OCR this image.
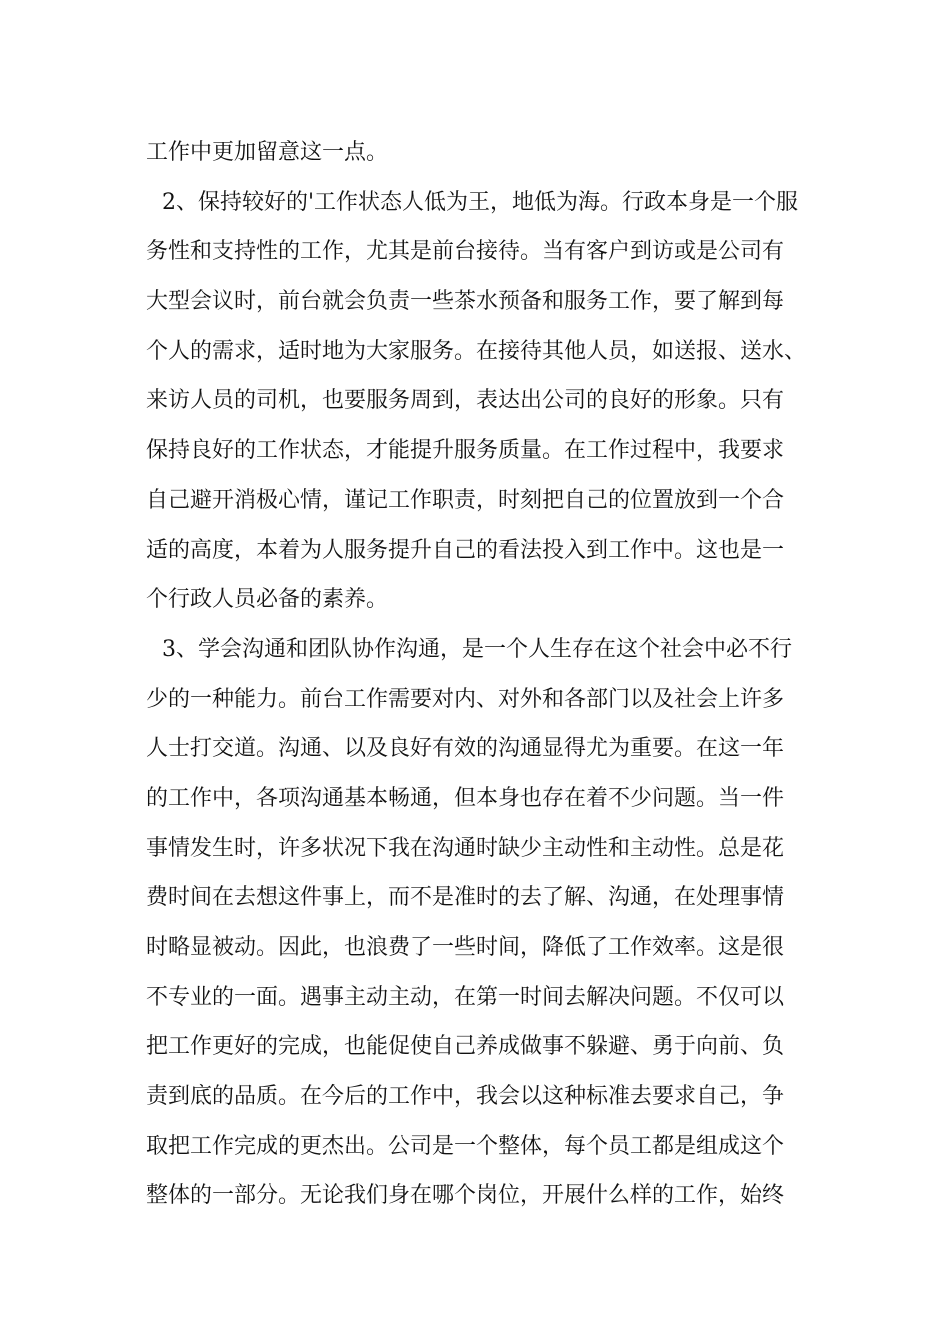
工作中更加留意这一点。
2、保持较好的'工作状态人低为王，地低为海。行政本身是一个服
务性和支持性的工作，尤其是前台接待。当有客户到访或是公司有
大型会议时，前台就会负责一些茶水预备和服务工作，要了解到每
个人的需求，适时地为大家服务。在接待其他人员，如送报、送水、
来访人员的司机，也要服务周到，表达出公司的良好的形象。只有
保持良好的工作状态，才能提升服务质量。在工作过程中，我要求
自己避开消极心情，谨记工作职责，时刻把自己的位置放到一个合
适的高度，本着为人服务提升自己的看法投入到工作中。这也是一
个行政人员必备的素养。
3、学会沟通和团队协作沟通，是一个人生存在这个社会中必不行
少的一种能力。前台工作需要对内、对外和各部门以及社会上许多
人士打交道。沟通、以及良好有效的沟通显得尤为重要。在这一年
的工作中，各项沟通基本畅通，但本身也存在着不少问题。当一件
事情发生时，许多状况下我在沟通时缺少主动性和主动性。总是花
费时间在去想这件事上，而不是准时的去了解、沟通，在处理事情
时略显被动。因此，也浪费了一些时间，降低了工作效率。这是很
不专业的一面。遇事主动主动，在第一时间去解决问题。不仅可以
把工作更好的完成，也能促使自己养成做事不躲避、勇于向前、负
责到底的品质。在今后的工作中，我会以这种标准去要求自己，争
取把工作完成的更杰出。公司是一个整体，每个员工都是组成这个
整体的一部分。无论我们身在哪个岗位，开展什么样的工作，始终
